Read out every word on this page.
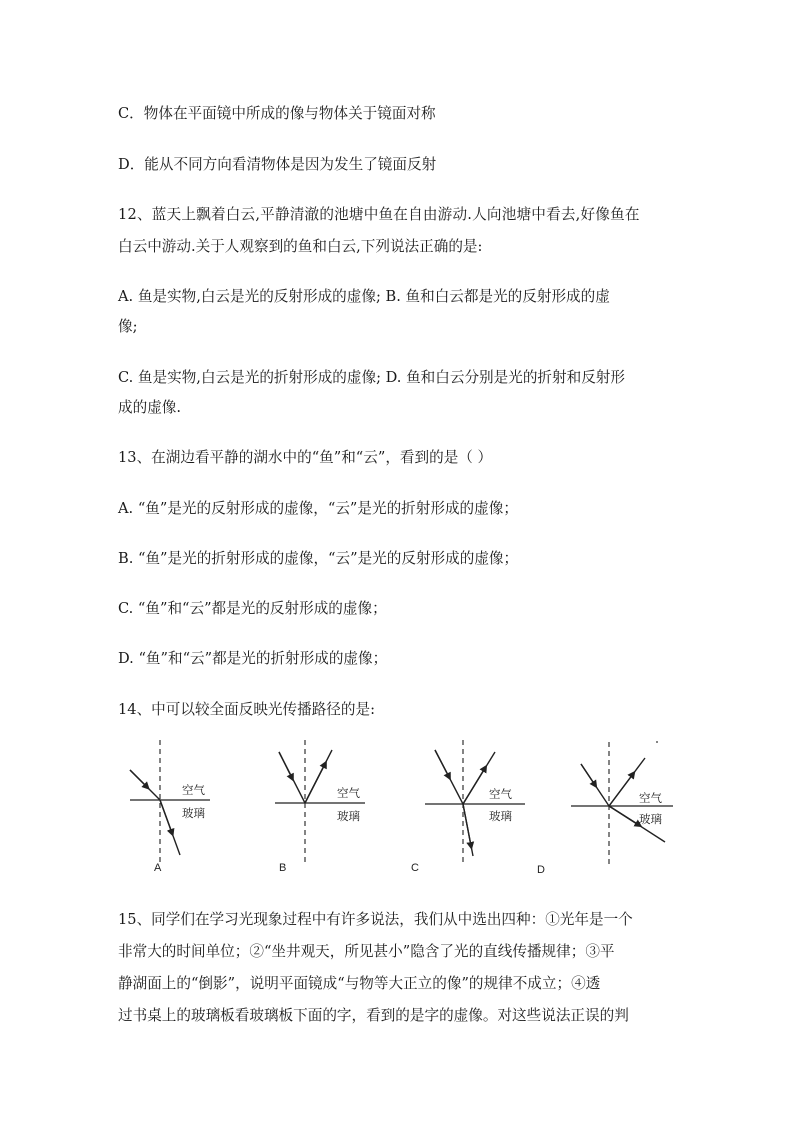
C．物体在平面镜中所成的像与物体关于镜面对称
D．能从不同方向看清物体是因为发生了镜面反射
12、蓝天上飘着白云,平静清澈的池塘中鱼在自由游动.人向池塘中看去,好像鱼在
白云中游动.关于人观察到的鱼和白云,下列说法正确的是:
A. 鱼是实物,白云是光的反射形成的虚像; B. 鱼和白云都是光的反射形成的虚
像;
C. 鱼是实物,白云是光的折射形成的虚像; D. 鱼和白云分别是光的折射和反射形
成的虚像.
13、在湖边看平静的湖水中的“鱼”和“云”，看到的是（ ）
A. “鱼”是光的反射形成的虚像，“云”是光的折射形成的虚像；
B. “鱼”是光的折射形成的虚像，“云”是光的反射形成的虚像；
C. “鱼”和“云”都是光的反射形成的虚像；
D. “鱼”和“云”都是光的折射形成的虚像；
14、中可以较全面反映光传播路径的是:
空气
玻璃
A
空气
玻璃
B
空气
玻璃
C
空气
玻璃
D
15、同学们在学习光现象过程中有许多说法，我们从中选出四种：①光年是一个
非常大的时间单位；②“坐井观天，所见甚小”隐含了光的直线传播规律；③平
静湖面上的“倒影”，说明平面镜成“与物等大正立的像”的规律不成立；④透
过书桌上的玻璃板看玻璃板下面的字，看到的是字的虚像。对这些说法正误的判
